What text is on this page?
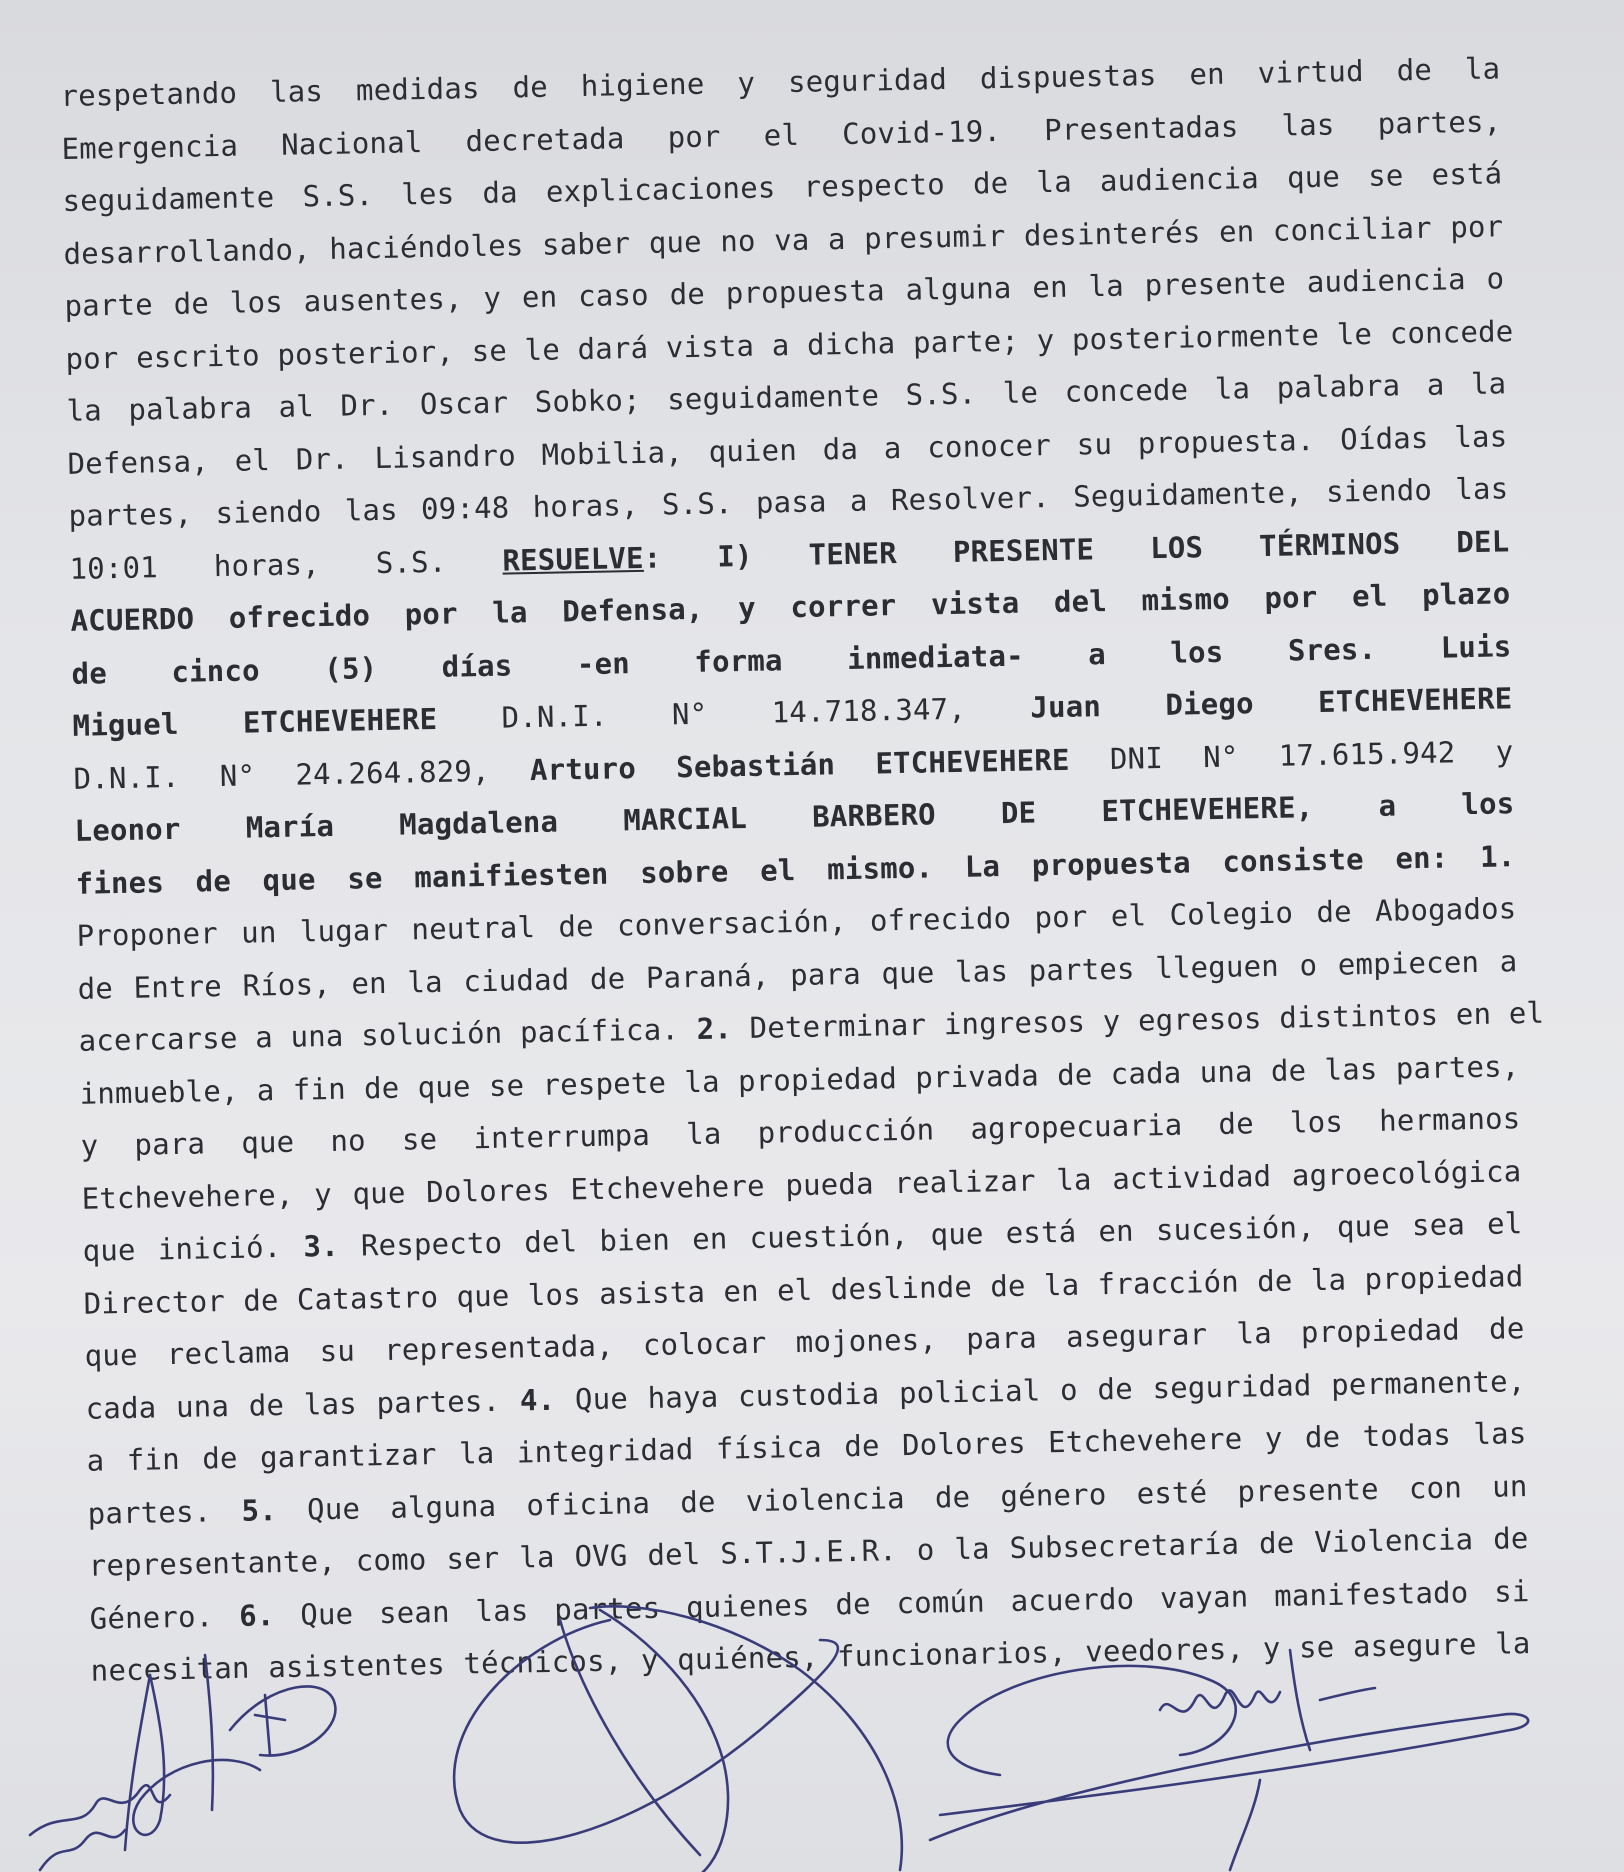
respetando las medidas de higiene y seguridad dispuestas en virtud de la
Emergencia Nacional decretada por el Covid-19. Presentadas las partes,
seguidamente S.S. les da explicaciones respecto de la audiencia que se está
desarrollando, haciéndoles saber que no va a presumir desinterés en conciliar por
parte de los ausentes, y en caso de propuesta alguna en la presente audiencia o
por escrito posterior, se le dará vista a dicha parte; y posteriormente le concede
la palabra al Dr. Oscar Sobko; seguidamente S.S. le concede la palabra a la
Defensa, el Dr. Lisandro Mobilia, quien da a conocer su propuesta. Oídas las
partes, siendo las 09:48 horas, S.S. pasa a Resolver. Seguidamente, siendo las
10:01 horas, S.S. RESUELVE: I) TENER PRESENTE LOS TÉRMINOS DEL
ACUERDO ofrecido por la Defensa, y correr vista del mismo por el plazo
de cinco (5) días -en forma inmediata- a los Sres. Luis
Miguel ETCHEVEHERE D.N.I. N° 14.718.347, Juan Diego ETCHEVEHERE
D.N.I. N° 24.264.829, Arturo Sebastián ETCHEVEHERE DNI N° 17.615.942 y
Leonor María Magdalena MARCIAL BARBERO DE ETCHEVEHERE, a los
fines de que se manifiesten sobre el mismo. La propuesta consiste en: 1.
Proponer un lugar neutral de conversación, ofrecido por el Colegio de Abogados
de Entre Ríos, en la ciudad de Paraná, para que las partes lleguen o empiecen a
acercarse a una solución pacífica. 2. Determinar ingresos y egresos distintos en el
inmueble, a fin de que se respete la propiedad privada de cada una de las partes,
y para que no se interrumpa la producción agropecuaria de los hermanos
Etchevehere, y que Dolores Etchevehere pueda realizar la actividad agroecológica
que inició. 3. Respecto del bien en cuestión, que está en sucesión, que sea el
Director de Catastro que los asista en el deslinde de la fracción de la propiedad
que reclama su representada, colocar mojones, para asegurar la propiedad de
cada una de las partes. 4. Que haya custodia policial o de seguridad permanente,
a fin de garantizar la integridad física de Dolores Etchevehere y de todas las
partes. 5. Que alguna oficina de violencia de género esté presente con un
representante, como ser la OVG del S.T.J.E.R. o la Subsecretaría de Violencia de
Género. 6. Que sean las partes quienes de común acuerdo vayan manifestado si
necesitan asistentes técnicos, y quiénes, funcionarios, veedores, y se asegure la
